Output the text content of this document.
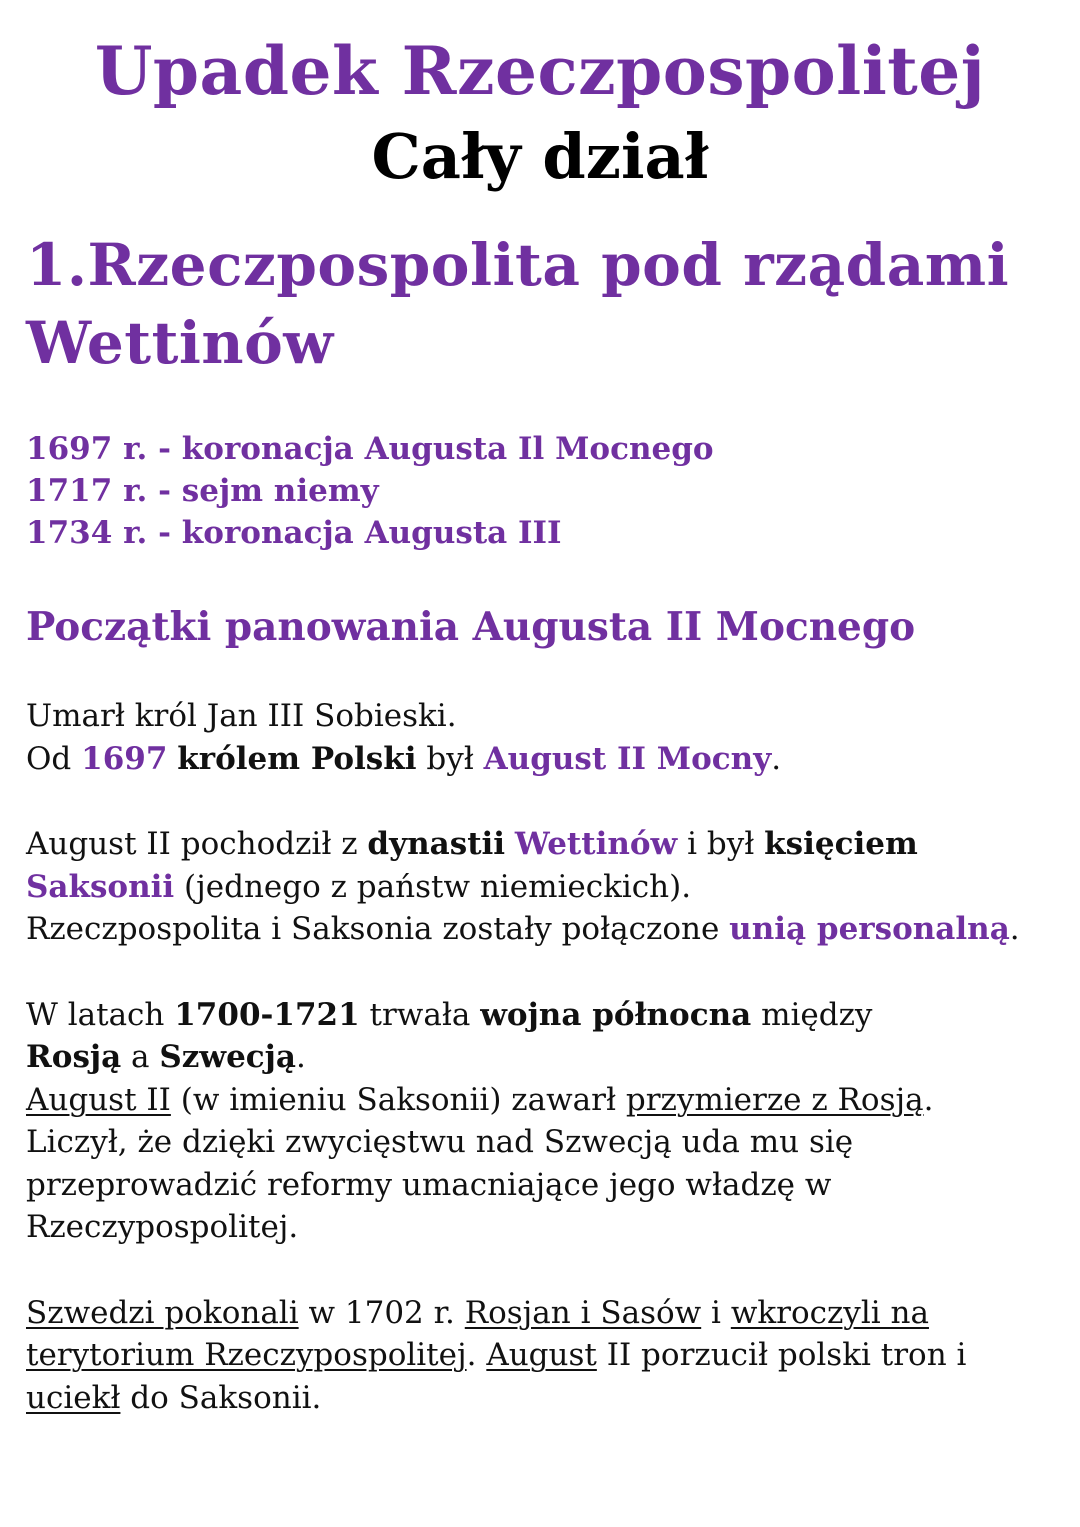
Upadek Rzeczpospolitej
Cały dział
1.Rzeczpospolita pod rządami Wettinów
1697 r. - koronacja Augusta Il Mocnego
1717 r. - sejm niemy
1734 r. - koronacja Augusta III
Początki panowania Augusta II Mocnego

Umarł król Jan III Sobieski.
Od 1697 królem Polski był August II Mocny.

August II pochodził z dynastii Wettinów i był księciem
Saksonii (jednego z państw niemieckich).
Rzeczpospolita i Saksonia zostały połączone unią personalną.

W latach 1700-1721 trwała wojna północna między
Rosją a Szwecją.
August II (w imieniu Saksonii) zawarł przymierze z Rosją.
Liczył, że dzięki zwycięstwu nad Szwecją uda mu się przeprowadzić reformy umacniające jego władzę w Rzeczypospolitej.

Szwedzi pokonali w 1702 r. Rosjan i Sasów i wkroczyli na terytorium Rzeczypospolitej. August II porzucił polski tron i uciekł do Saksonii.
